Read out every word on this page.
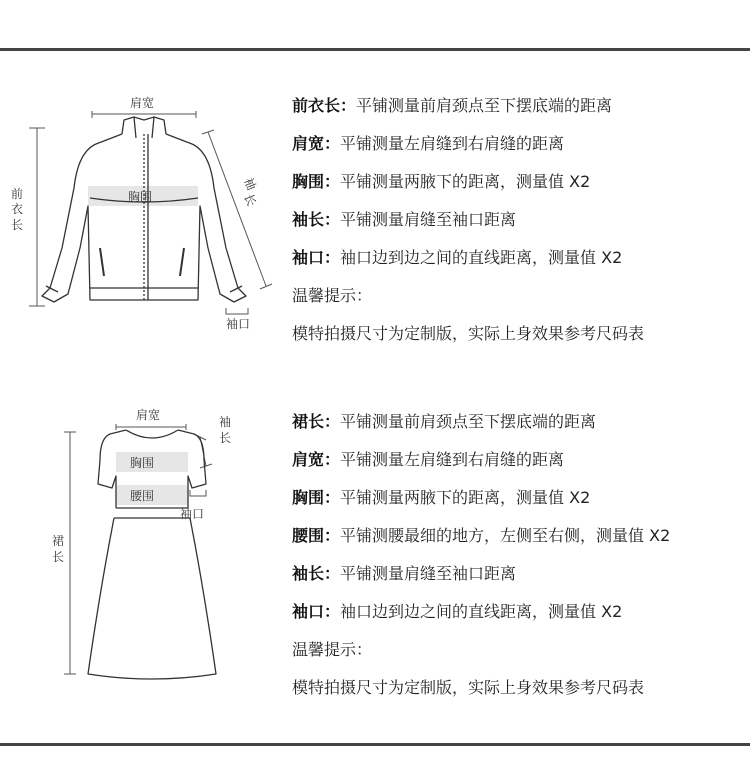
肩宽
前
衣
长
袖
长
胸围
袖口
前衣长：平铺测量前肩颈点至下摆底端的距离
肩宽：平铺测量左肩缝到右肩缝的距离
胸围：平铺测量两腋下的距离，测量值 X2
袖长：平铺测量肩缝至袖口距离
袖口：袖口边到边之间的直线距离，测量值 X2
温馨提示：
模特拍摄尺寸为定制版，实际上身效果参考尺码表
肩宽
裙
长
袖
长
胸围
腰围
袖口
裙长：平铺测量前肩颈点至下摆底端的距离
肩宽：平铺测量左肩缝到右肩缝的距离
胸围：平铺测量两腋下的距离，测量值 X2
腰围：平铺测腰最细的地方，左侧至右侧，测量值 X2
袖长：平铺测量肩缝至袖口距离
袖口：袖口边到边之间的直线距离，测量值 X2
温馨提示：
模特拍摄尺寸为定制版，实际上身效果参考尺码表
